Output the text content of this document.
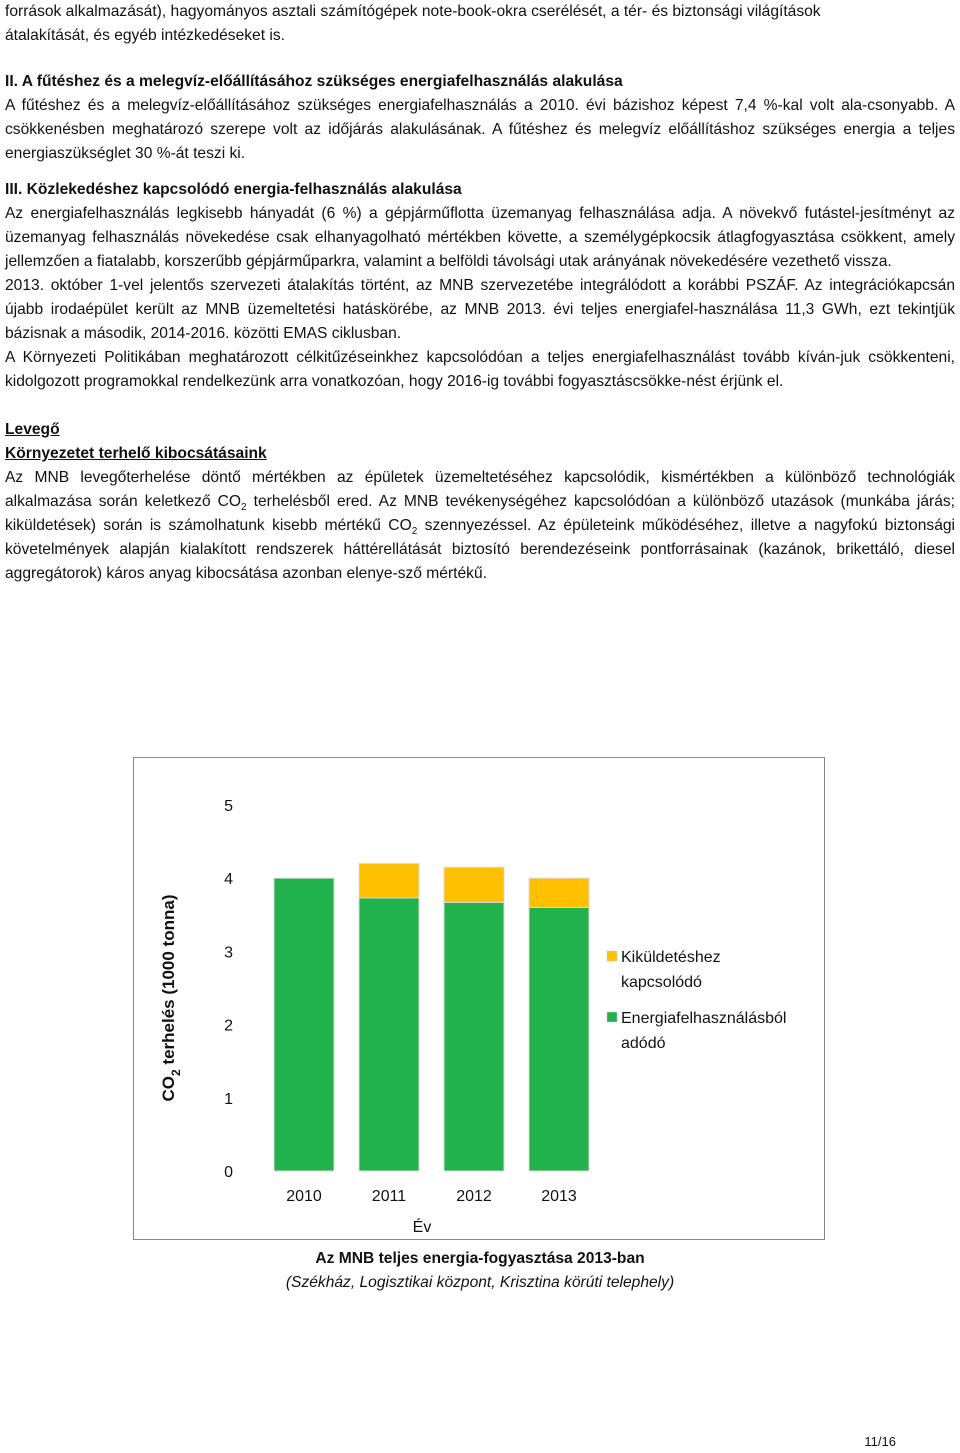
források alkalmazását), hagyományos asztali számítógépek note-book-okra cserélését, a tér- és biztonsági világítások

átalakítását, és egyéb intézkedéseket is.

II. A fűtéshez és a melegvíz-előállításához szükséges energiafelhasználás alakulása

A fűtéshez és a melegvíz-előállításához szükséges energiafelhasználás a 2010. évi bázishoz képest 7,4 %-kal volt ala-csonyabb. A csökkenésben meghatározó szerepe volt az időjárás alakulásának. A fűtéshez és melegvíz előállításhoz szükséges energia a teljes energiaszükséglet 30 %-át teszi ki.

III. Közlekedéshez kapcsolódó energia-felhasználás alakulása

Az energiafelhasználás legkisebb hányadát (6 %) a gépjárműflotta üzemanyag felhasználása adja. A növekvő futástel-jesítményt az üzemanyag felhasználás növekedése csak elhanyagolható mértékben követte, a személygépkocsik átlagfogyasztása csökkent, amely jellemzően a fiatalabb, korszerűbb gépjárműparkra, valamint a belföldi távolsági utak arányának növekedésére vezethető vissza.

2013. október 1-vel jelentős szervezeti átalakítás történt, az MNB szervezetébe integrálódott a korábbi PSZÁF. Az integrációkapcsán újabb irodaépület került az MNB üzemeltetési hatáskörébe, az MNB 2013. évi teljes energiafel-használása 11,3 GWh, ezt tekintjük bázisnak a második, 2014-2016. közötti EMAS ciklusban.

A Környezeti Politikában meghatározott célkitűzéseinkhez kapcsolódóan a teljes energiafelhasználást tovább kíván-juk csökkenteni, kidolgozott programokkal rendelkezünk arra vonatkozóan, hogy 2016-ig további fogyasztáscsökke-nést érjünk el.

Levegő
Környezetet terhelő kibocsátásaink

Az MNB levegőterhelése döntő mértékben az épületek üzemeltetéséhez kapcsolódik, kismértékben a különböző technológiák alkalmazása során keletkező $CO_2$ terhelésből ered. Az MNB tevékenységéhez kapcsolódóan a különböző utazások (munkába járás; kiküldetések) során is számolhatunk kisebb mértékű $CO_2$ szennyezéssel. Az épületeink működéséhez, illetve a nagyfokú biztonsági követelmények alapján kialakított rendszerek háttérellátását biztosító berendezéseink pontforrásainak (kazánok, brikettáló, diesel aggregátorok) káros anyag kibocsátása azonban elenye-sző mértékű.

0
1
2
3
4
5
2010	2011	2012	2013
Kiküldetéshez
kapcsolódó
Energiafelhasználásból
adódó
$CO_2$ terhelés (1000 tonna)
Év
Az MNB teljes energia-fogyasztása 2013-ban
(Székház, Logisztikai központ, Krisztina körúti telephely)
11/16
